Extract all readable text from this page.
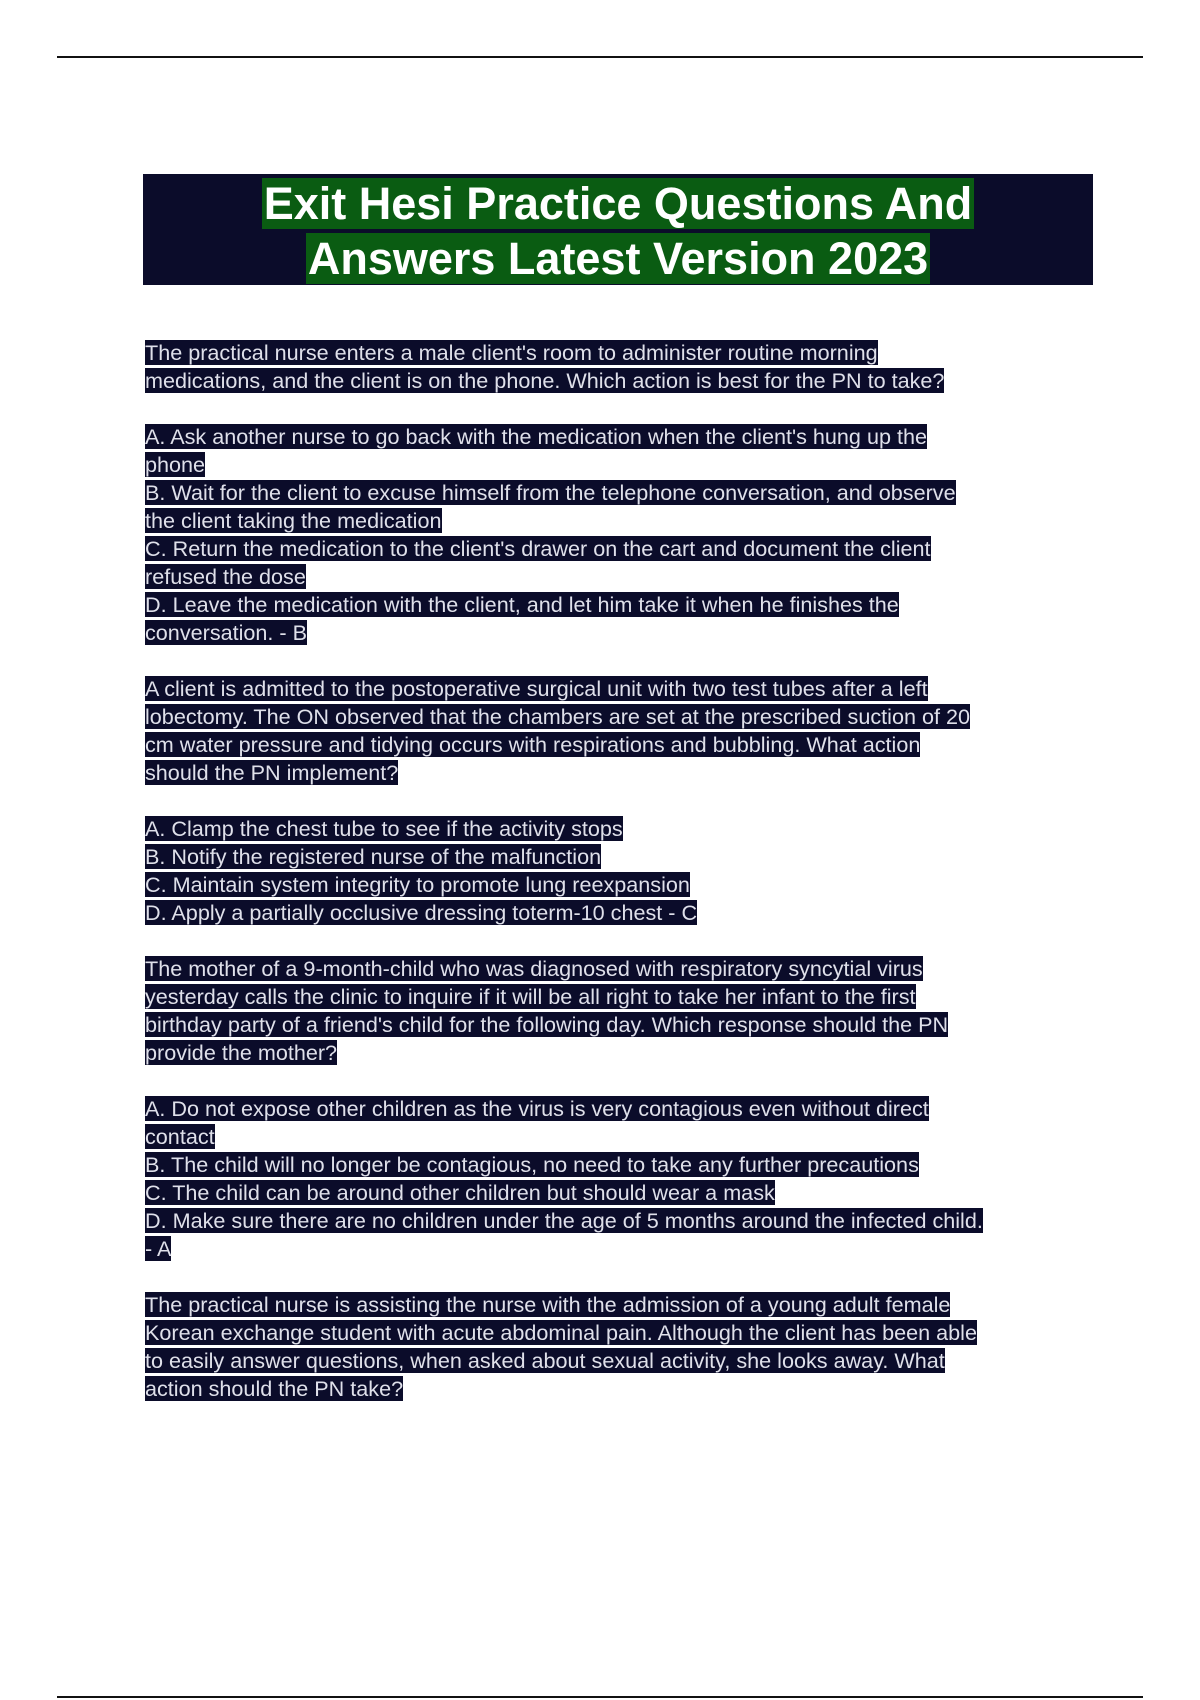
Exit Hesi Practice Questions And
Answers Latest Version 2023
The practical nurse enters a male client's room to administer routine morning
medications, and the client is on the phone. Which action is best for the PN to take?
A. Ask another nurse to go back with the medication when the client's hung up the
phone
B. Wait for the client to excuse himself from the telephone conversation, and observe
the client taking the medication
C. Return the medication to the client's drawer on the cart and document the client
refused the dose
D. Leave the medication with the client, and let him take it when he finishes the
conversation. - B
A client is admitted to the postoperative surgical unit with two test tubes after a left
lobectomy. The ON observed that the chambers are set at the prescribed suction of 20
cm water pressure and tidying occurs with respirations and bubbling. What action
should the PN implement?
A. Clamp the chest tube to see if the activity stops
B. Notify the registered nurse of the malfunction
C. Maintain system integrity to promote lung reexpansion
D. Apply a partially occlusive dressing toterm-10 chest - C
The mother of a 9-month-child who was diagnosed with respiratory syncytial virus
yesterday calls the clinic to inquire if it will be all right to take her infant to the first
birthday party of a friend's child for the following day. Which response should the PN
provide the mother?
A. Do not expose other children as the virus is very contagious even without direct
contact
B. The child will no longer be contagious, no need to take any further precautions
C. The child can be around other children but should wear a mask
D. Make sure there are no children under the age of 5 months around the infected child.
- A
The practical nurse is assisting the nurse with the admission of a young adult female
Korean exchange student with acute abdominal pain. Although the client has been able
to easily answer questions, when asked about sexual activity, she looks away. What
action should the PN take?
